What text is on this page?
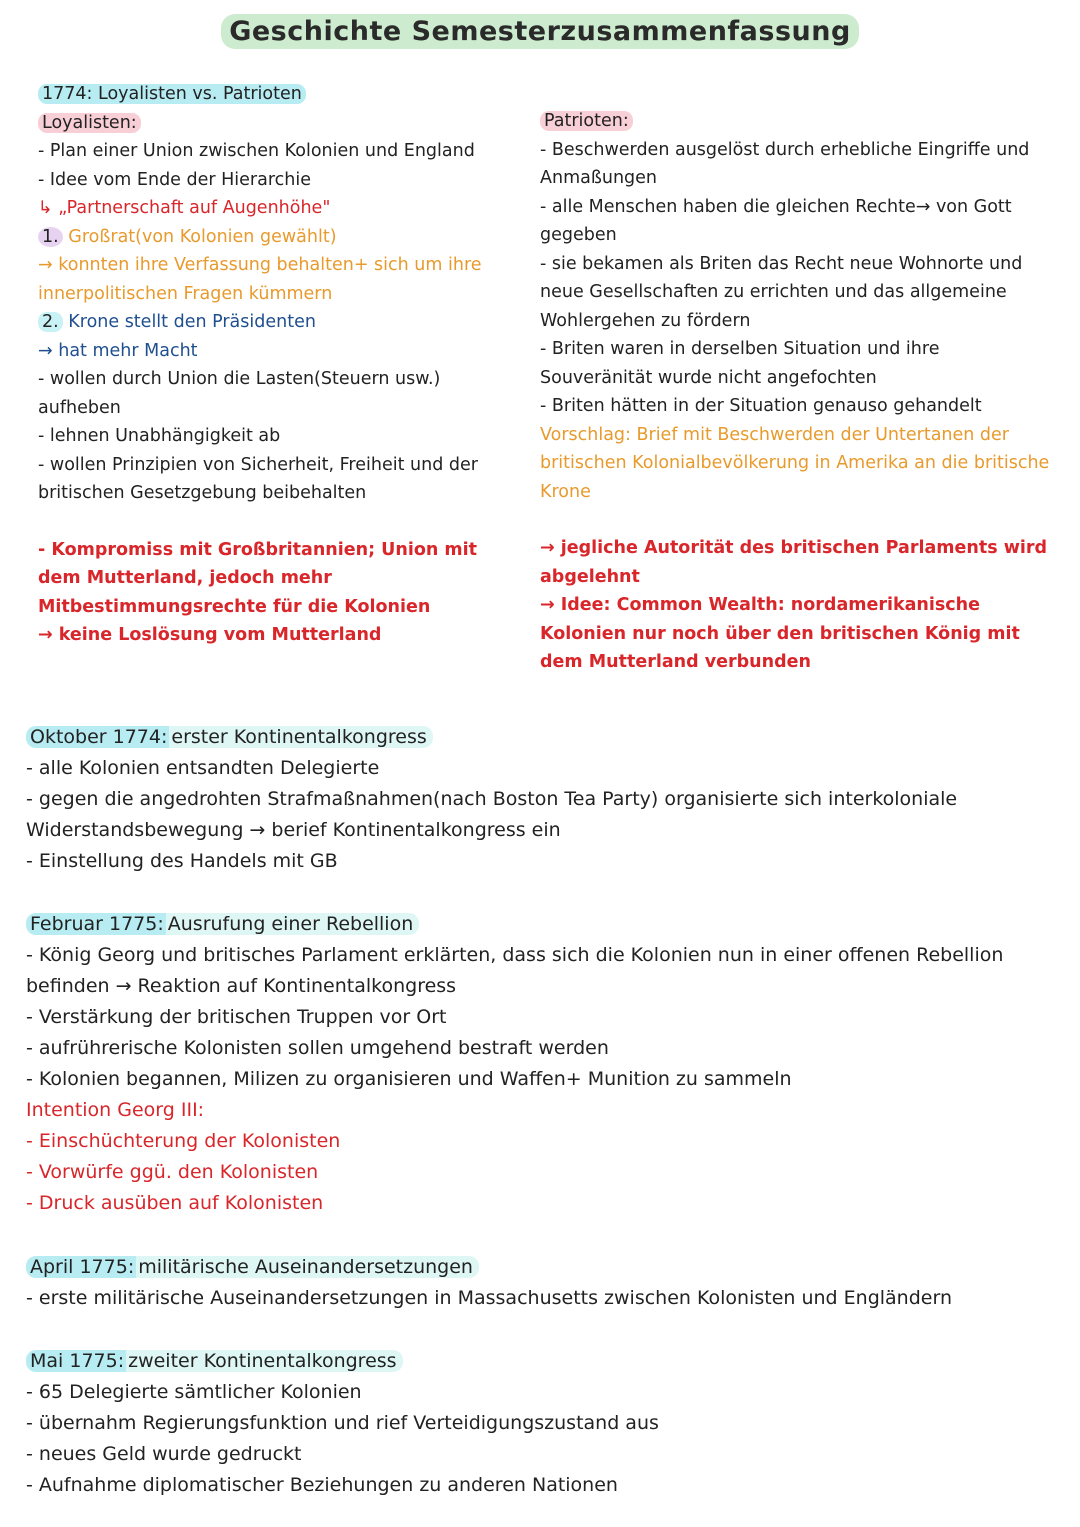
Geschichte Semesterzusammenfassung
1774: Loyalisten vs. Patrioten
Loyalisten:
- Plan einer Union zwischen Kolonien und England
- Idee vom Ende der Hierarchie
↳ „Partnerschaft auf Augenhöhe"
1. Großrat(von Kolonien gewählt)
→ konnten ihre Verfassung behalten+ sich um ihre innerpolitischen Fragen kümmern
2. Krone stellt den Präsidenten
→ hat mehr Macht
- wollen durch Union die Lasten(Steuern usw.) aufheben
- lehnen Unabhängigkeit ab
- wollen Prinzipien von Sicherheit, Freiheit und der britischen Gesetzgebung beibehalten
- Kompromiss mit Großbritannien; Union mit dem Mutterland, jedoch mehr Mitbestimmungsrechte für die Kolonien
→ keine Loslösung vom Mutterland
Patrioten:
- Beschwerden ausgelöst durch erhebliche Eingriffe und Anmaßungen
- alle Menschen haben die gleichen Rechte→ von Gott gegeben
- sie bekamen als Briten das Recht neue Wohnorte und neue Gesellschaften zu errichten und das allgemeine Wohlergehen zu fördern
- Briten waren in derselben Situation und ihre Souveränität wurde nicht angefochten
- Briten hätten in der Situation genauso gehandelt
Vorschlag: Brief mit Beschwerden der Untertanen der britischen Kolonialbevölkerung in Amerika an die britische Krone
→ jegliche Autorität des britischen Parlaments wird abgelehnt
→ Idee: Common Wealth: nordamerikanische Kolonien nur noch über den britischen König mit dem Mutterland verbunden
Oktober 1774: erster Kontinentalkongress
- alle Kolonien entsandten Delegierte
- gegen die angedrohten Strafmaßnahmen(nach Boston Tea Party) organisierte sich interkoloniale Widerstandsbewegung → berief Kontinentalkongress ein
- Einstellung des Handels mit GB
Februar 1775: Ausrufung einer Rebellion
- König Georg und britisches Parlament erklärten, dass sich die Kolonien nun in einer offenen Rebellion befinden → Reaktion auf Kontinentalkongress
- Verstärkung der britischen Truppen vor Ort
- aufrührerische Kolonisten sollen umgehend bestraft werden
- Kolonien begannen, Milizen zu organisieren und Waffen+ Munition zu sammeln
Intention Georg III:
- Einschüchterung der Kolonisten
- Vorwürfe ggü. den Kolonisten
- Druck ausüben auf Kolonisten
April 1775: militärische Auseinandersetzungen
- erste militärische Auseinandersetzungen in Massachusetts zwischen Kolonisten und Engländern
Mai 1775: zweiter Kontinentalkongress
- 65 Delegierte sämtlicher Kolonien
- übernahm Regierungsfunktion und rief Verteidigungszustand aus
- neues Geld wurde gedruckt
- Aufnahme diplomatischer Beziehungen zu anderen Nationen
